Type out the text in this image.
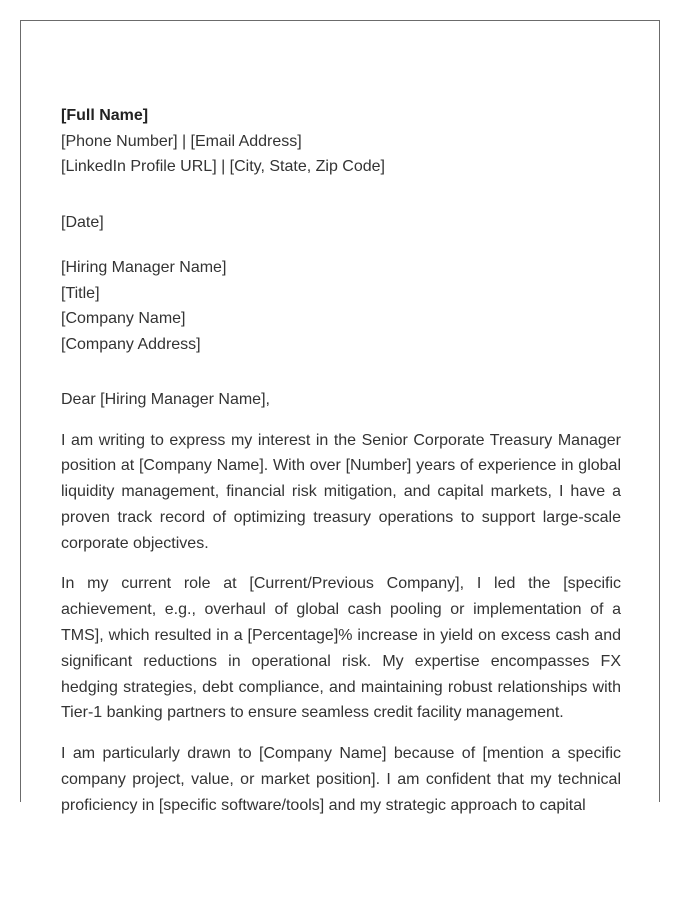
[Full Name]
[Phone Number] | [Email Address]
[LinkedIn Profile URL] | [City, State, Zip Code]
[Date]
[Hiring Manager Name]
[Title]
[Company Name]
[Company Address]
Dear [Hiring Manager Name],

I am writing to express my interest in the Senior Corporate Treasury Manager position at [Company Name]. With over [Number] years of experience in global liquidity management, financial risk mitigation, and capital markets, I have a proven track record of optimizing treasury operations to support large-scale corporate objectives.

In my current role at [Current/Previous Company], I led the [specific achievement, e.g., overhaul of global cash pooling or implementation of a TMS], which resulted in a [Percentage]% increase in yield on excess cash and significant reductions in operational risk. My expertise encompasses FX hedging strategies, debt compliance, and maintaining robust relationships with Tier-1 banking partners to ensure seamless credit facility management.

I am particularly drawn to [Company Name] because of [mention a specific company project, value, or market position]. I am confident that my technical proficiency in [specific software/tools] and my strategic approach to capital
